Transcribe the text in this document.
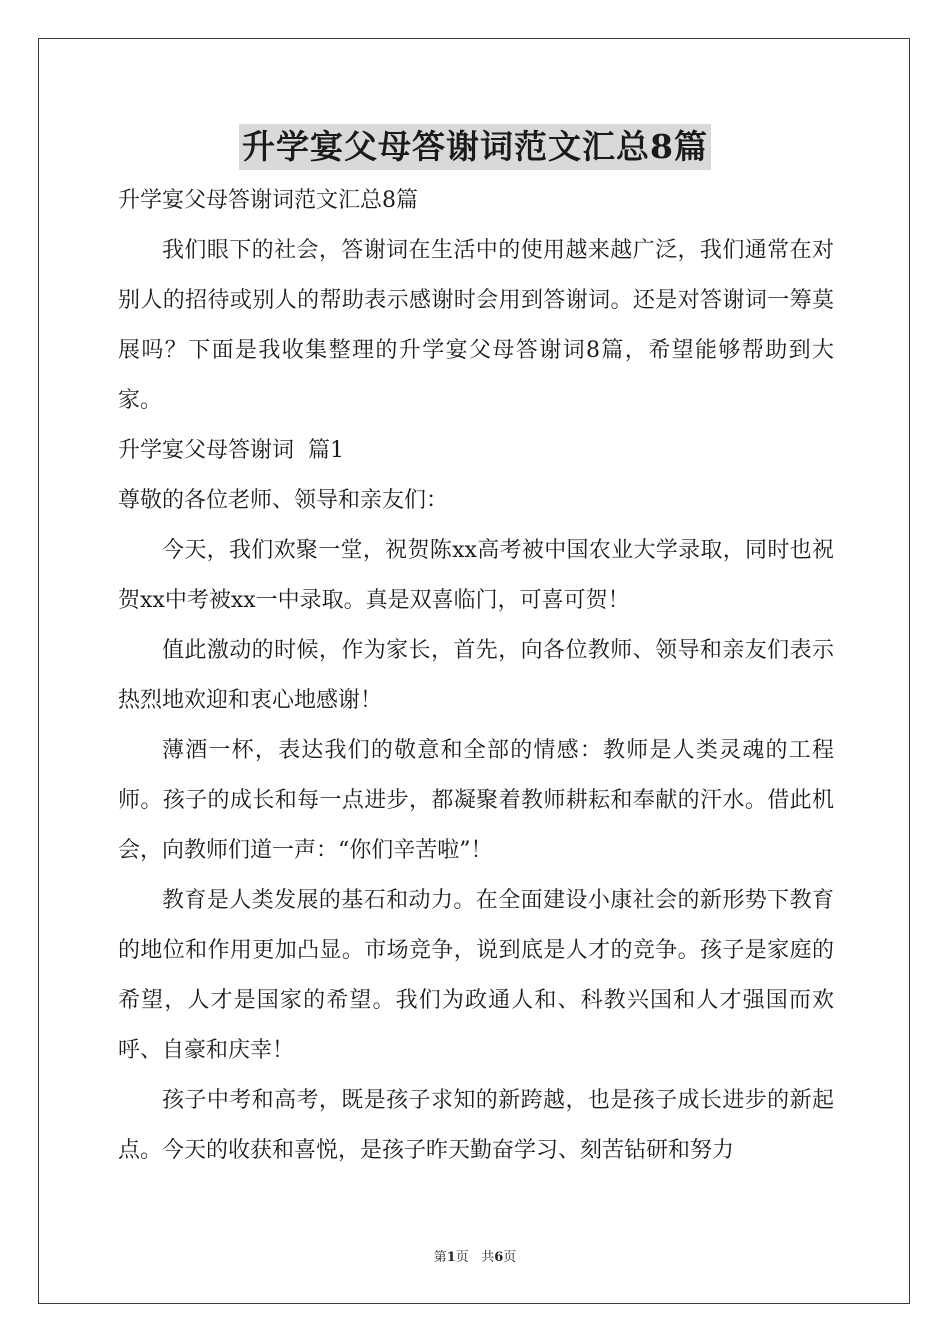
升学宴父母答谢词范文汇总8篇

升学宴父母答谢词范文汇总8篇

我们眼下的社会，答谢词在生活中的使用越来越广泛，我们通常在对别人的招待或别人的帮助表示感谢时会用到答谢词。还是对答谢词一筹莫展吗？下面是我收集整理的升学宴父母答谢词8篇，希望能够帮助到大家。

升学宴父母答谢词  篇1

尊敬的各位老师、领导和亲友们：

今天，我们欢聚一堂，祝贺陈xx高考被中国农业大学录取，同时也祝贺xx中考被xx一中录取。真是双喜临门，可喜可贺！

值此激动的时候，作为家长，首先，向各位教师、领导和亲友们表示热烈地欢迎和衷心地感谢！

薄酒一杯，表达我们的敬意和全部的情感：教师是人类灵魂的工程师。孩子的成长和每一点进步，都凝聚着教师耕耘和奉献的汗水。借此机会，向教师们道一声：“你们辛苦啦”！

教育是人类发展的基石和动力。在全面建设小康社会的新形势下教育的地位和作用更加凸显。市场竞争，说到底是人才的竞争。孩子是家庭的希望，人才是国家的希望。我们为政通人和、科教兴国和人才强国而欢呼、自豪和庆幸！

孩子中考和高考，既是孩子求知的新跨越，也是孩子成长进步的新起点。今天的收获和喜悦，是孩子昨天勤奋学习、刻苦钻研和努力

第1页 共6页
